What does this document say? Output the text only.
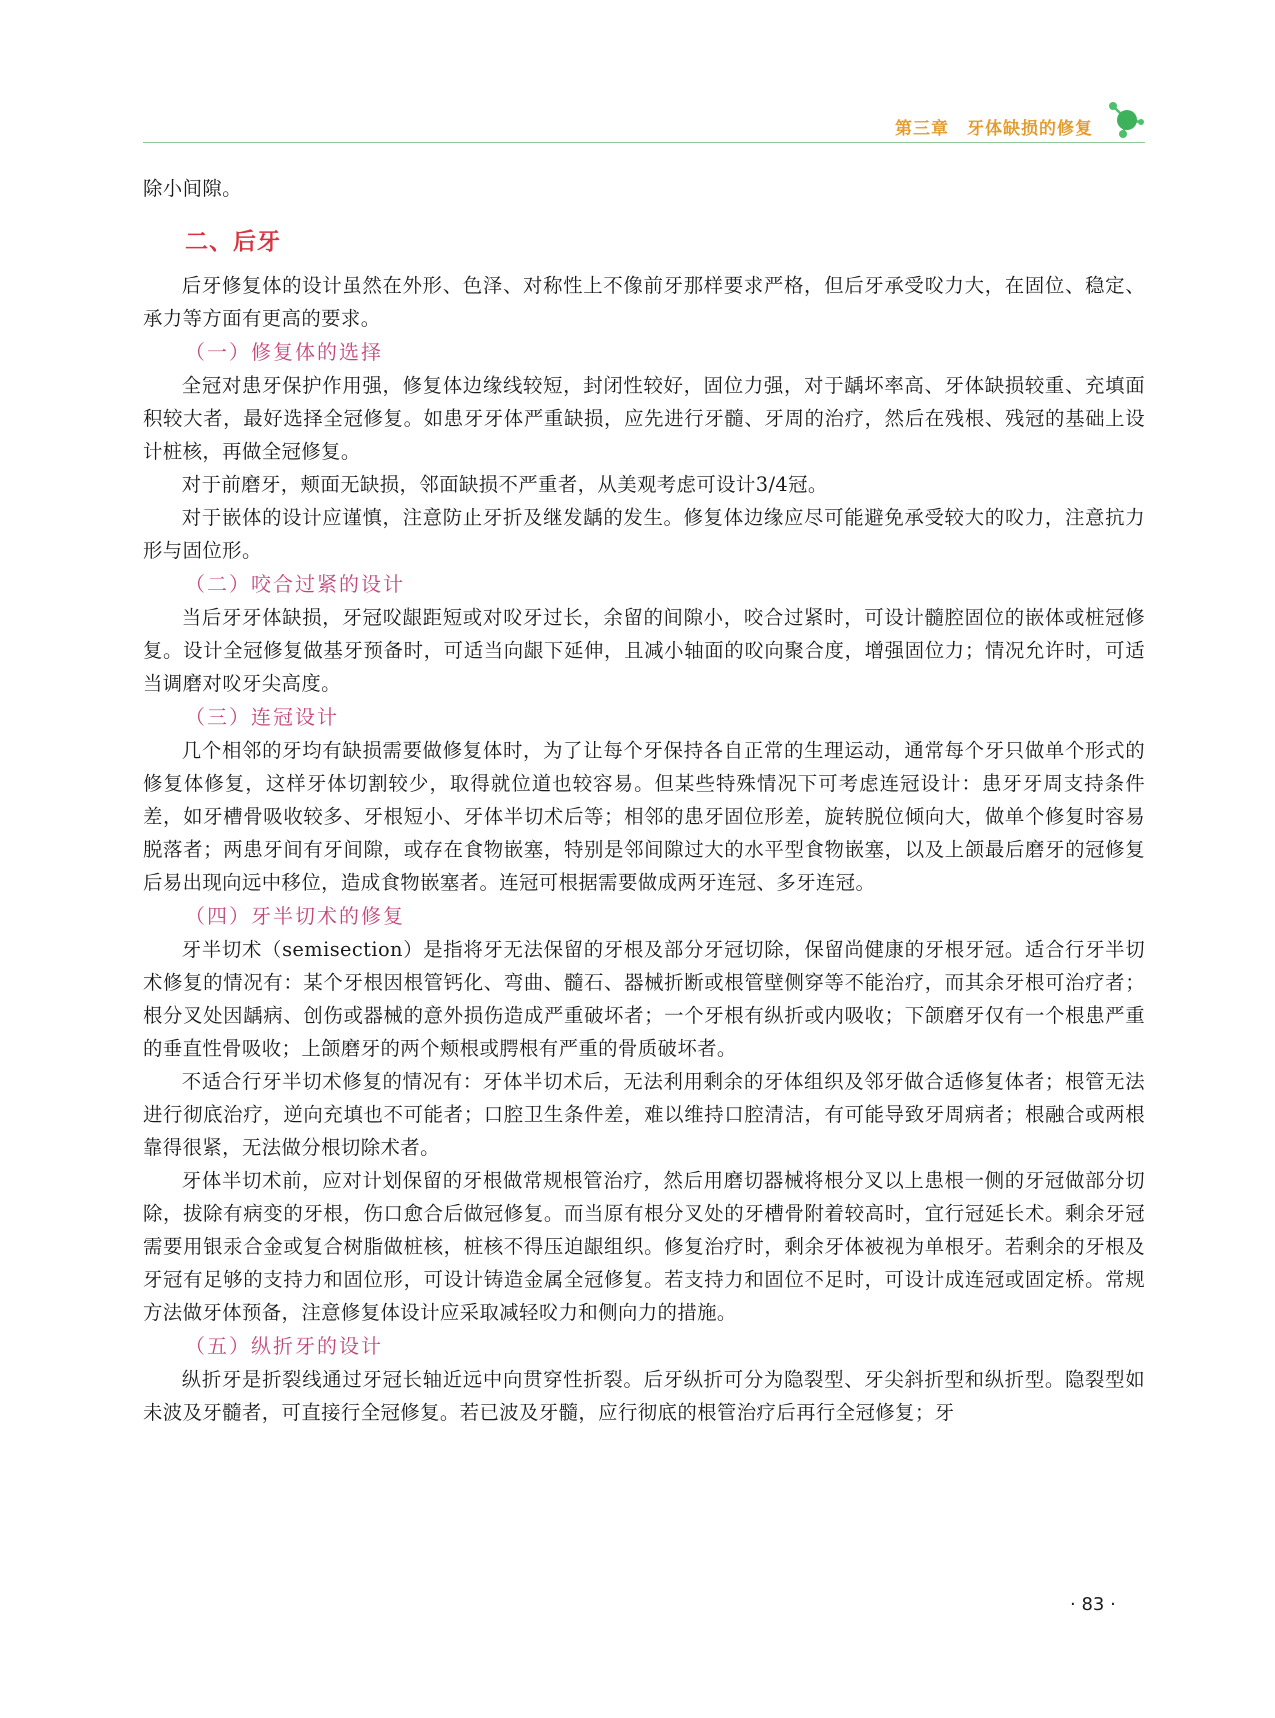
第三章 牙体缺损的修复

除小间隙。

二、后牙

后牙修复体的设计虽然在外形、色泽、对称性上不像前牙那样要求严格，但后牙承受㕮力大，在固位、稳定、承力等方面有更高的要求。

（一）修复体的选择

全冠对患牙保护作用强，修复体边缘线较短，封闭性较好，固位力强，对于龋坏率高、牙体缺损较重、充填面积较大者，最好选择全冠修复。如患牙牙体严重缺损，应先进行牙髓、牙周的治疗，然后在残根、残冠的基础上设计桩核，再做全冠修复。

对于前磨牙，颊面无缺损，邻面缺损不严重者，从美观考虑可设计3/4冠。

对于嵌体的设计应谨慎，注意防止牙折及继发龋的发生。修复体边缘应尽可能避免承受较大的㕮力，注意抗力形与固位形。

（二）咬合过紧的设计

当后牙牙体缺损，牙冠㕮龈距短或对㕮牙过长，余留的间隙小，咬合过紧时，可设计髓腔固位的嵌体或桩冠修复。设计全冠修复做基牙预备时，可适当向龈下延伸，且减小轴面的㕮向聚合度，增强固位力；情况允许时，可适当调磨对㕮牙尖高度。

（三）连冠设计

几个相邻的牙均有缺损需要做修复体时，为了让每个牙保持各自正常的生理运动，通常每个牙只做单个形式的修复体修复，这样牙体切割较少，取得就位道也较容易。但某些特殊情况下可考虑连冠设计：患牙牙周支持条件差，如牙槽骨吸收较多、牙根短小、牙体半切术后等；相邻的患牙固位形差，旋转脱位倾向大，做单个修复时容易脱落者；两患牙间有牙间隙，或存在食物嵌塞，特别是邻间隙过大的水平型食物嵌塞，以及上颌最后磨牙的冠修复后易出现向远中移位，造成食物嵌塞者。连冠可根据需要做成两牙连冠、多牙连冠。

（四）牙半切术的修复

牙半切术（semisection）是指将牙无法保留的牙根及部分牙冠切除，保留尚健康的牙根牙冠。适合行牙半切术修复的情况有：某个牙根因根管钙化、弯曲、髓石、器械折断或根管壁侧穿等不能治疗，而其余牙根可治疗者；根分叉处因龋病、创伤或器械的意外损伤造成严重破坏者；一个牙根有纵折或内吸收；下颌磨牙仅有一个根患严重的垂直性骨吸收；上颌磨牙的两个颊根或腭根有严重的骨质破坏者。

不适合行牙半切术修复的情况有：牙体半切术后，无法利用剩余的牙体组织及邻牙做合适修复体者；根管无法进行彻底治疗，逆向充填也不可能者；口腔卫生条件差，难以维持口腔清洁，有可能导致牙周病者；根融合或两根靠得很紧，无法做分根切除术者。

牙体半切术前，应对计划保留的牙根做常规根管治疗，然后用磨切器械将根分叉以上患根一侧的牙冠做部分切除，拔除有病变的牙根，伤口愈合后做冠修复。而当原有根分叉处的牙槽骨附着较高时，宜行冠延长术。剩余牙冠需要用银汞合金或复合树脂做桩核，桩核不得压迫龈组织。修复治疗时，剩余牙体被视为单根牙。若剩余的牙根及牙冠有足够的支持力和固位形，可设计铸造金属全冠修复。若支持力和固位不足时，可设计成连冠或固定桥。常规方法做牙体预备，注意修复体设计应采取减轻㕮力和侧向力的措施。

（五）纵折牙的设计

纵折牙是折裂线通过牙冠长轴近远中向贯穿性折裂。后牙纵折可分为隐裂型、牙尖斜折型和纵折型。隐裂型如未波及牙髓者，可直接行全冠修复。若已波及牙髓，应行彻底的根管治疗后再行全冠修复；牙

· 83 ·
